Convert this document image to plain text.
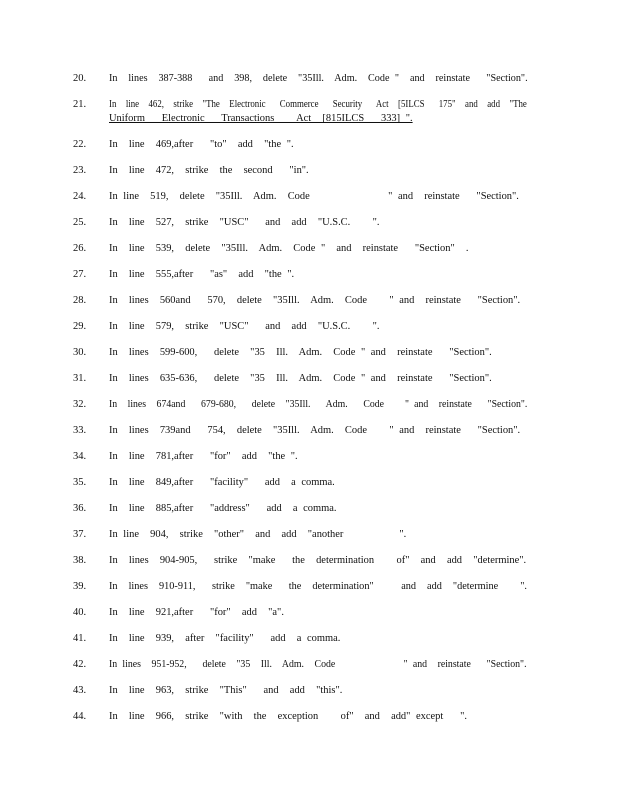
20.	In  lines  387-388   and  398,  delete  "35Ill.  Adm.  Code "  and  reinstate   "Section".
21.	In  line  462,  strike  "The  Electronic   Commerce   Security   Act  [5ILCS   175"  and  add  "The
Uniform   Electronic   Transactions    Act  [815ILCS   333] ".
22.	In  line  469,after   "to"  add  "the ".
23.	In  line  472,  strike  the  second   "in".
24.	In line  519,  delete  "35Ill.  Adm.  Code              " and  reinstate   "Section".
25.	In  line  527,  strike  "USC"   and  add  "U.S.C.    ".
26.	In  line  539,  delete  "35Ill.  Adm.  Code "  and  reinstate   "Section"  .
27.	In  line  555,after   "as"  add  "the ".
28.	In  lines  560and   570,  delete  "35Ill.  Adm.  Code    " and  reinstate   "Section".
29.	In  line  579,  strike  "USC"   and  add  "U.S.C.    ".
30.	In  lines  599-600,   delete  "35  Ill.  Adm.  Code " and  reinstate   "Section".
31.	In  lines  635-636,   delete  "35  Ill.  Adm.  Code " and  reinstate   "Section".
32.	In  lines  674and   679-680,   delete  "35Ill.   Adm.   Code    " and  reinstate   "Section".
33.	In  lines  739and   754,  delete  "35Ill.  Adm.  Code    " and  reinstate   "Section".
34.	In  line  781,after   "for"  add  "the ".
35.	In  line  849,after   "facility"   add  a comma.
36.	In  line  885,after   "address"   add  a comma.
37.	In line  904,  strike  "other"  and  add  "another          ".
38.	In  lines  904-905,   strike  "make   the  determination    of"  and  add  "determine".
39.	In  lines  910-911,   strike  "make   the  determination"     and  add  "determine    ".
40.	In  line  921,after   "for"  add  "a".
41.	In  line  939,  after  "facility"   add  a comma.
42.	In lines  951-952,   delete  "35  Ill.  Adm.  Code             " and  reinstate   "Section".
43.	In  line  963,  strike  "This"   and  add  "this".
44.	In  line  966,  strike  "with  the  exception    of"  and  add" except   ".
